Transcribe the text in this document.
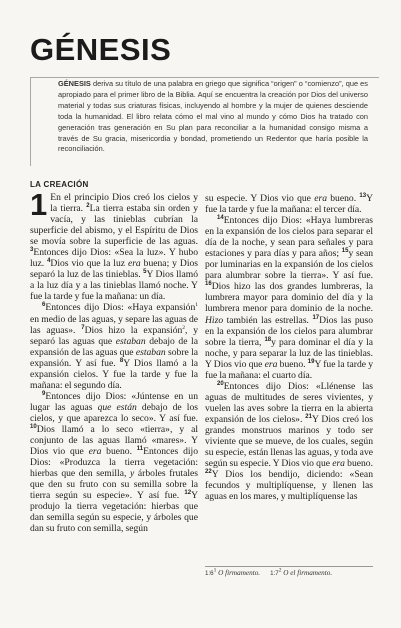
GÉNESIS

GÉNESIS deriva su título de una palabra en griego que significa “origen” o “comienzo”, que es apropiado para el primer libro de la Biblia. Aquí se encuentra la creación por Dios del universo material y todas sus criaturas físicas, incluyendo al hombre y la mujer de quienes desciende toda la humanidad. El libro relata cómo el mal vino al mundo y cómo Dios ha tratado con generación tras generación en Su plan para reconciliar a la humanidad consigo misma a través de Su gracia, misericordia y bondad, prometiendo un Redentor que haría posible la reconciliación.

LA CREACIÓN

1 En el principio Dios creó los cielos y la tierra. $^2$La tierra estaba sin orden y vacía, y las tinieblas cubrían la superficie del abismo, y el Espíritu de Dios se movía sobre la superficie de las aguas. $^3$Entonces dijo Dios: «Sea la luz». Y hubo luz. $^4$Dios vio que la luz era buena; y Dios separó la luz de las tinieblas. $^5$Y Dios llamó a la luz día y a las tinieblas llamó noche. Y fue la tarde y fue la mañana: un día.

$^6$Entonces dijo Dios: «Haya expansión$^1$ en medio de las aguas, y separe las aguas de las aguas». $^7$Dios hizo la expansión$^2$, y separó las aguas que estaban debajo de la expansión de las aguas que estaban sobre la expansión. Y así fue. $^8$Y Dios llamó a la expansión cielos. Y fue la tarde y fue la mañana: el segundo día.

$^9$Entonces dijo Dios: «Júntense en un lugar las aguas que están debajo de los cielos, y que aparezca lo seco». Y así fue. $^{10}$Dios llamó a lo seco «tierra», y al conjunto de las aguas llamó «mares». Y Dios vio que era bueno. $^{11}$Entonces dijo Dios: «Produzca la tierra vegetación: hierbas que den semilla, y árboles frutales que den su fruto con su semilla sobre la tierra según su especie». Y así fue. $^{12}$Y produjo la tierra vegetación: hierbas que dan semilla según su especie, y árboles que dan su fruto con semilla, según

su especie. Y Dios vio que era bueno. $^{13}$Y fue la tarde y fue la mañana: el tercer día.

$^{14}$Entonces dijo Dios: «Haya lumbreras en la expansión de los cielos para separar el día de la noche, y sean para señales y para estaciones y para días y para años; $^{15}$y sean por luminarias en la expansión de los cielos para alumbrar sobre la tierra». Y así fue. $^{16}$Dios hizo las dos grandes lumbreras, la lumbrera mayor para dominio del día y la lumbrera menor para dominio de la noche. Hizo también las estrellas. $^{17}$Dios las puso en la expansión de los cielos para alumbrar sobre la tierra, $^{18}$y para dominar el día y la noche, y para separar la luz de las tinieblas. Y Dios vio que era bueno. $^{19}$Y fue la tarde y fue la mañana: el cuarto día.

$^{20}$Entonces dijo Dios: «Llénense las aguas de multitudes de seres vivientes, y vuelen las aves sobre la tierra en la abierta expansión de los cielos». $^{21}$Y Dios creó los grandes monstruos marinos y todo ser viviente que se mueve, de los cuales, según su especie, están llenas las aguas, y toda ave según su especie. Y Dios vio que era bueno. $^{22}$Y Dios los bendijo, diciendo: «Sean fecundos y multiplíquense, y llenen las aguas en los mares, y multiplíquense las

1:6$^1$ O firmamento. 1:7$^2$ O el firmamento.
